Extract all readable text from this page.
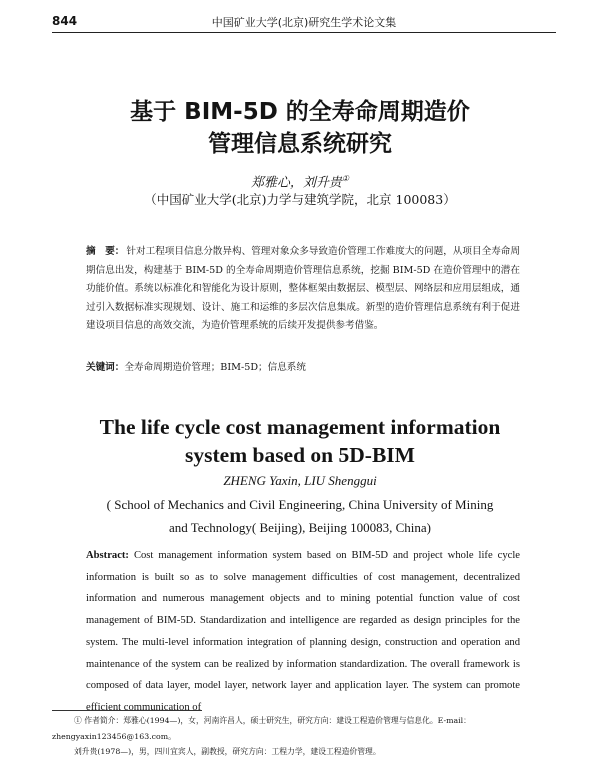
844	中国矿业大学(北京)研究生学术论文集
基于 BIM-5D 的全寿命周期造价
管理信息系统研究
郑雅心，刘升贵①
（中国矿业大学(北京)力学与建筑学院，北京 100083）
摘　要： 针对工程项目信息分散异构、管理对象众多导致造价管理工作难度大的问题，从项目全寿命周期信息出发，构建基于 BIM-5D 的全寿命周期造价管理信息系统，挖掘 BIM-5D 在造价管理中的潜在功能价值。系统以标准化和智能化为设计原则，整体框架由数据层、模型层、网络层和应用层组成，通过引入数据标准实现规划、设计、施工和运维的多层次信息集成。新型的造价管理信息系统有利于促进建设项目信息的高效交流，为造价管理系统的后续开发提供参考借鉴。
关键词：全寿命周期造价管理；BIM-5D；信息系统
The life cycle cost management information
system based on 5D-BIM
ZHENG Yaxin, LIU Shenggui
( School of Mechanics and Civil Engineering, China University of Mining
and Technology( Beijing), Beijing 100083, China)
Abstract: Cost management information system based on BIM-5D and project whole life cycle information is built so as to solve management difficulties of cost management, decentralized information and numerous management objects and to mining potential function value of cost management of BIM-5D. Standardization and intelligence are regarded as design principles for the system. The multi-level information integration of planning design, construction and operation and maintenance of the system can be realized by information standardization. The overall framework is composed of data layer, model layer, network layer and application layer. The system can promote efficient communication of
① 作者简介：郑雅心(1994—)，女，河南许昌人，硕士研究生，研究方向：建设工程造价管理与信息化。E-mail：
zhengyaxin123456@163.com。
刘升贵(1978—)，男，四川宜宾人，副教授，研究方向：工程力学，建设工程造价管理。
